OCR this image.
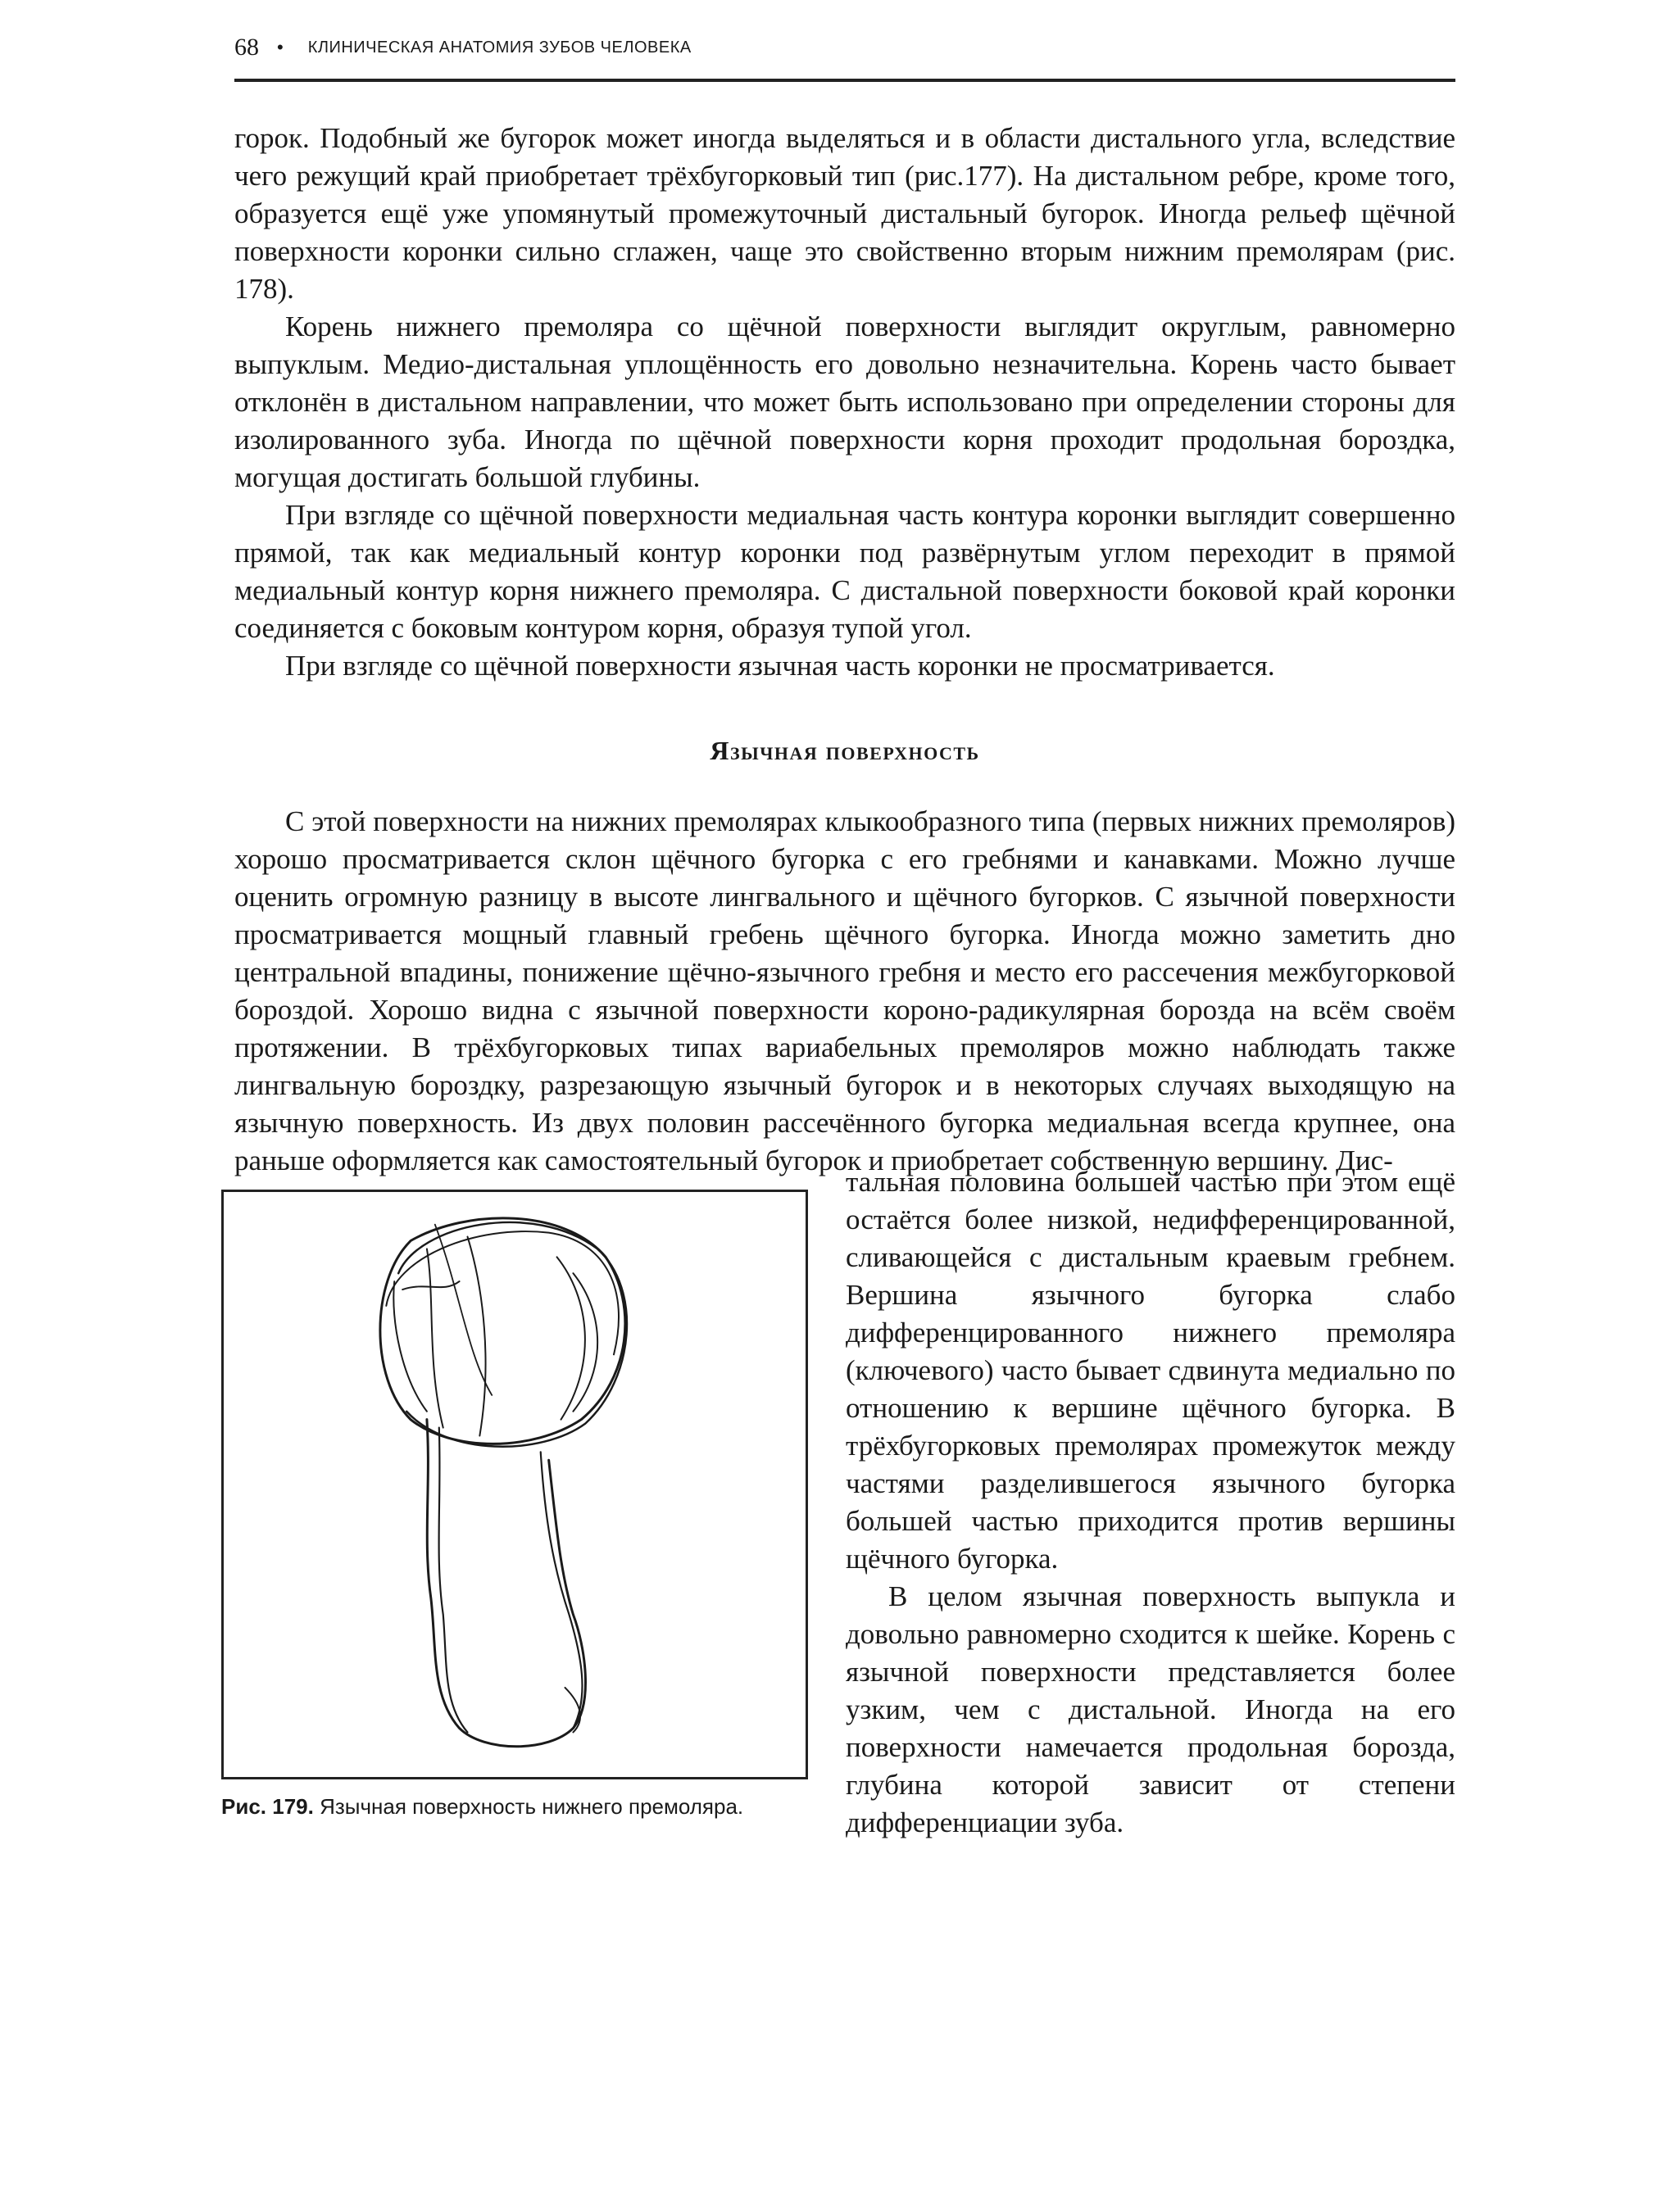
68 • КЛИНИЧЕСКАЯ АНАТОМИЯ ЗУБОВ ЧЕЛОВЕКА

горок. Подобный же бугорок может иногда выделяться и в области дистального угла, вследствие чего режущий край приобретает трёхбугорковый тип (рис.177). На дистальном ребре, кроме того, образуется ещё уже упомянутый промежуточный дистальный бугорок. Иногда рельеф щёчной поверхности коронки сильно сглажен, чаще это свойственно вторым нижним премолярам (рис. 178).

Корень нижнего премоляра со щёчной поверхности выглядит округлым, равномерно выпуклым. Медио-дистальная уплощённость его довольно незначительна. Корень часто бывает отклонён в дистальном направлении, что может быть использовано при определении стороны для изолированного зуба. Иногда по щёчной поверхности корня проходит продольная бороздка, могущая достигать большой глубины.

При взгляде со щёчной поверхности медиальная часть контура коронки выглядит совершенно прямой, так как медиальный контур коронки под развёрнутым углом переходит в прямой медиальный контур корня нижнего премоляра. С дистальной поверхности боковой край коронки соединяется с боковым контуром корня, образуя тупой угол.

При взгляде со щёчной поверхности язычная часть коронки не просматривается.

Язычная поверхность

С этой поверхности на нижних премолярах клыкообразного типа (первых нижних премоляров) хорошо просматривается склон щёчного бугорка с его гребнями и канавками. Можно лучше оценить огромную разницу в высоте лингвального и щёчного бугорков. С язычной поверхности просматривается мощный главный гребень щёчного бугорка. Иногда можно заметить дно центральной впадины, понижение щёчно-язычного гребня и место его рассечения межбугорковой бороздой. Хорошо видна с язычной поверхности короно-радикулярная борозда на всём своём протяжении. В трёхбугорковых типах вариабельных премоляров можно наблюдать также лингвальную бороздку, разрезающую язычный бугорок и в некоторых случаях выходящую на язычную поверхность. Из двух половин рассечённого бугорка медиальная всегда крупнее, она раньше оформляется как самостоятельный бугорок и приобретает собственную вершину. Дис-

Рис. 179. Язычная поверхность нижнего премоляра.

тальная половина большей частью при этом ещё остаётся более низкой, недифференцированной, сливающейся с дистальным краевым гребнем. Вершина язычного бугорка слабо дифференцированного нижнего премоляра (ключевого) часто бывает сдвинута медиально по отношению к вершине щёчного бугорка. В трёхбугорковых премолярах промежуток между частями разделившегося язычного бугорка большей частью приходится против вершины щёчного бугорка.

В целом язычная поверхность выпукла и довольно равномерно сходится к шейке. Корень с язычной поверхности представляется более узким, чем с дистальной. Иногда на его поверхности намечается продольная борозда, глубина которой зависит от степени дифференциации зуба.
